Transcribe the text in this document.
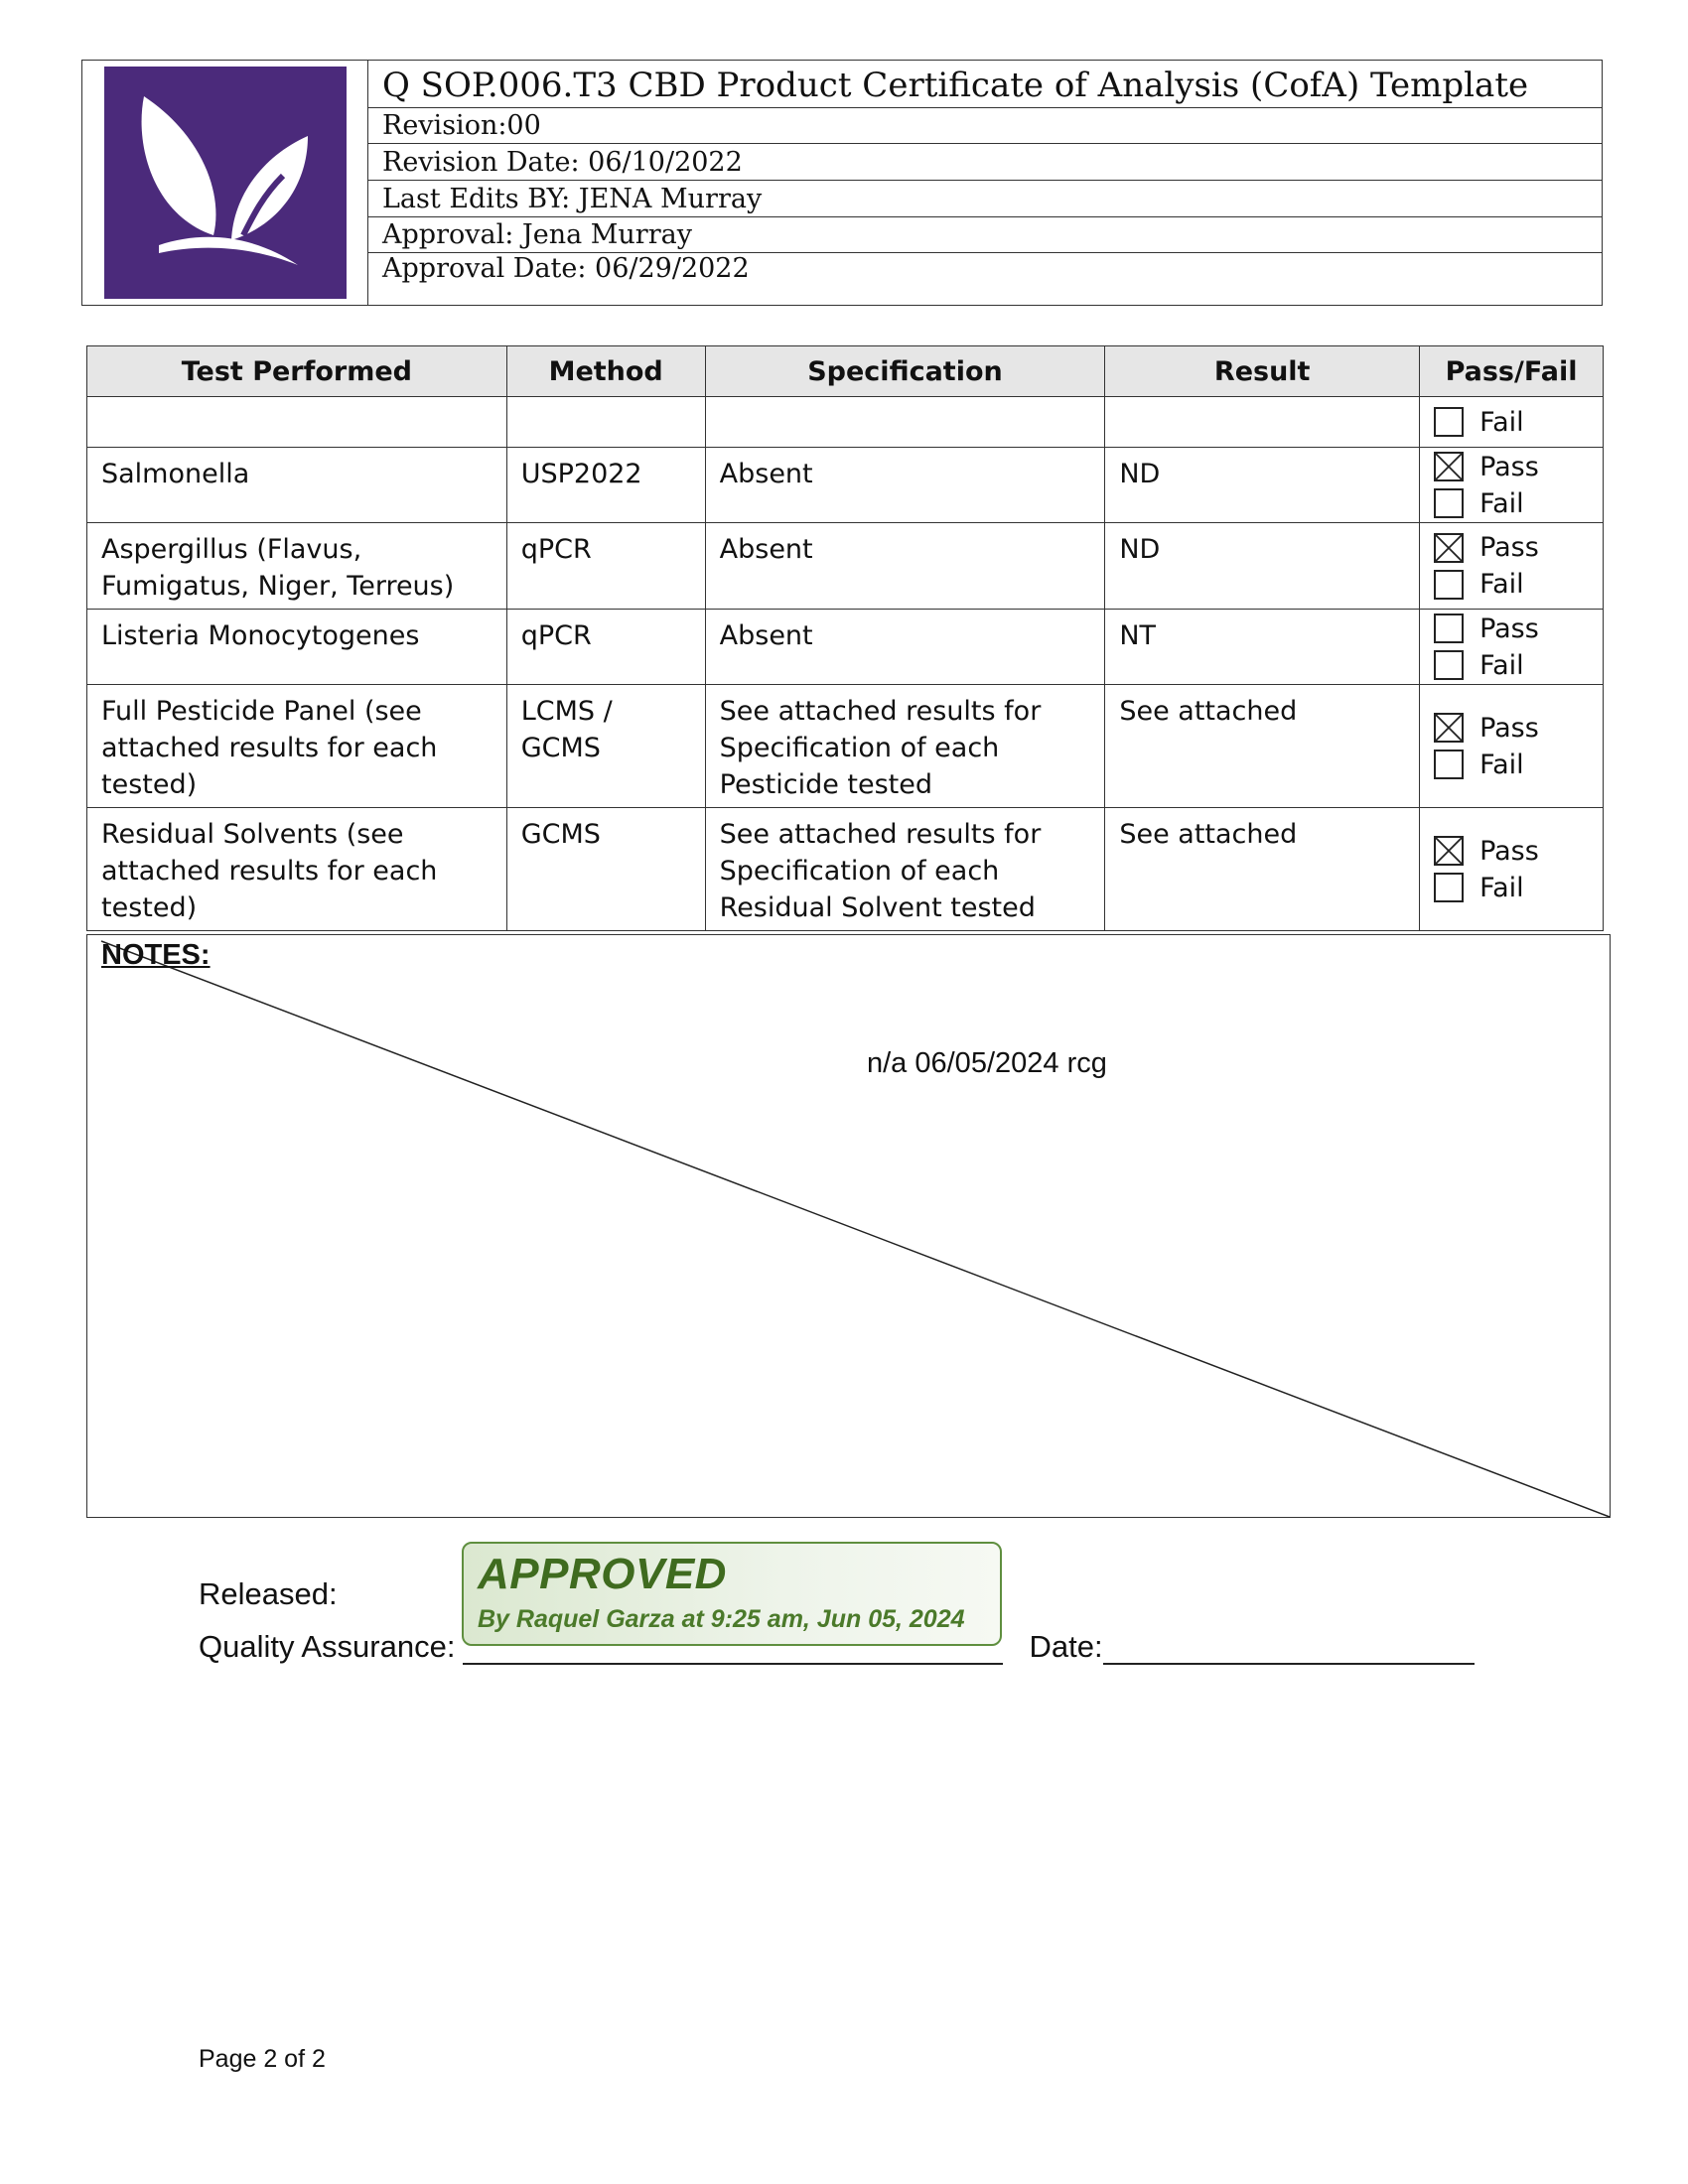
Q SOP.006.T3 CBD Product Certificate of Analysis (CofA) Template
Revision:00
Revision Date: 06/10/2022
Last Edits BY: JENA Murray
Approval: Jena Murray
Approval Date: 06/29/2022
Test Performed	Method	Specification	Result	Pass/Fail

				Fail

Salmonella	USP2022	Absent	ND	Pass
Fail

Aspergillus (Flavus, Fumigatus, Niger, Terreus)	qPCR	Absent	ND	Pass
Fail

Listeria Monocytogenes	qPCR	Absent	NT	Pass
Fail

Full Pesticide Panel (see attached results for each tested)	LCMS / GCMS	See attached results for Specification of each Pesticide tested	See attached	Pass
Fail

Residual Solvents (see attached results for each tested)	GCMS	See attached results for Specification of each Residual Solvent tested	See attached	Pass
Fail
NOTES:
n/a 06/05/2024 rcg
Released:
Quality Assurance:	Date:
APPROVED
By Raquel Garza at 9:25 am, Jun 05, 2024
Page 2 of 2
